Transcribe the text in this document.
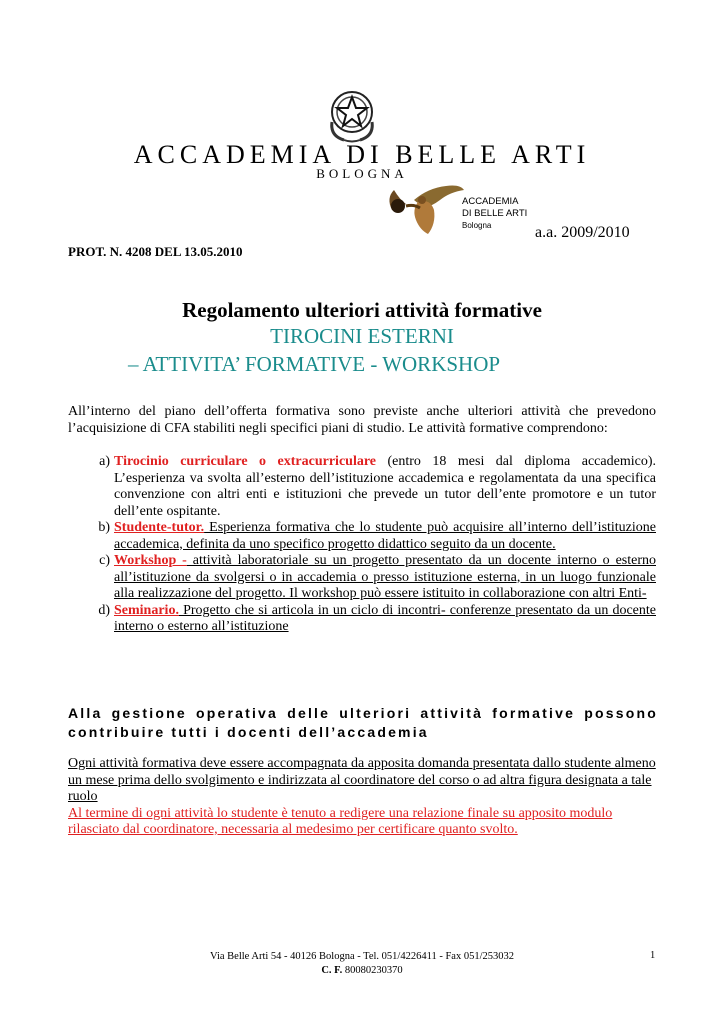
ACCADEMIA DI BELLE ARTI
BOLOGNA
ACCADEMIA
DI BELLE ARTI
Bologna	a.a. 2009/2010
PROT. N. 4208 DEL 13.05.2010
Regolamento ulteriori attività formative
TIROCINI ESTERNI
– ATTIVITA’ FORMATIVE - WORKSHOP
All’interno del piano dell’offerta formativa sono previste anche ulteriori attività che prevedono l’acquisizione di CFA stabiliti negli specifici piani di studio. Le attività formative comprendono:
a) Tirocinio curriculare o extracurriculare (entro 18 mesi dal diploma accademico). L’esperienza va svolta all’esterno dell’istituzione accademica e regolamentata da una specifica convenzione con altri enti e istituzioni che prevede un tutor dell’ente promotore e un tutor dell’ente ospitante.
b) Studente-tutor. Esperienza formativa che lo studente può acquisire all’interno dell’istituzione accademica, definita da uno specifico progetto didattico seguito da un docente.
c) Workshop - attività laboratoriale su un progetto presentato da un docente interno o esterno all’istituzione da svolgersi o in accademia o presso istituzione esterna, in un luogo funzionale alla realizzazione del progetto. Il workshop può essere istituito in collaborazione con altri Enti-
d) Seminario. Progetto che si articola in un ciclo di incontri- conferenze presentato da un docente interno o esterno all’istituzione
Alla gestione operativa delle ulteriori attività formative possono contribuire tutti i docenti dell’accademia
Ogni attività formativa deve essere accompagnata da apposita domanda presentata dallo studente almeno un mese prima dello svolgimento e indirizzata al coordinatore del corso o ad altra figura designata a tale ruolo
Al termine di ogni attività lo studente è tenuto a redigere una relazione finale su apposito modulo rilasciato dal coordinatore, necessaria al medesimo per certificare quanto svolto.
Via Belle Arti 54 - 40126 Bologna - Tel. 051/4226411 - Fax 051/253032
C. F. 80080230370
1
